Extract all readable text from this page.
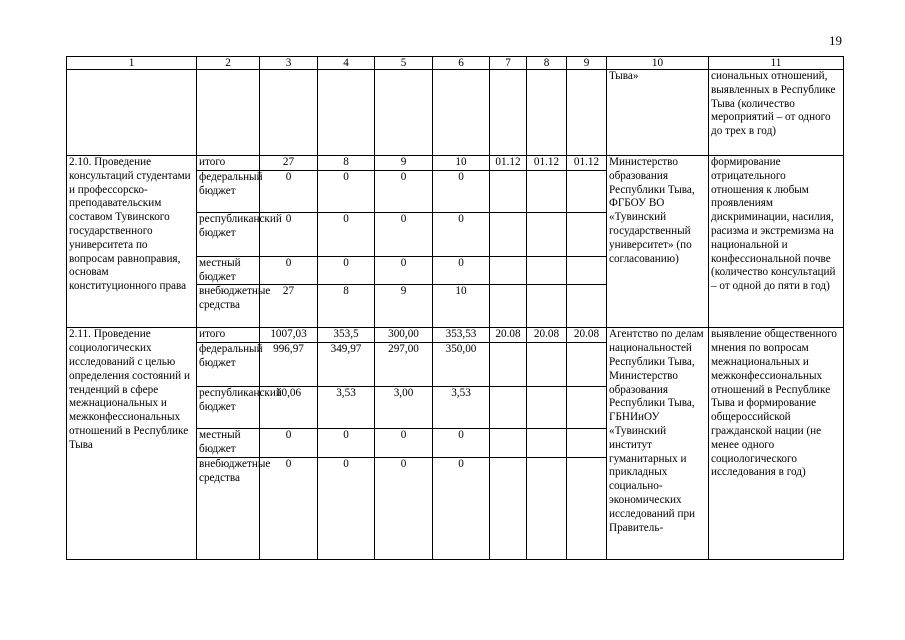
19
1	2	3	4	5	6	7	8	9	10	11
									Тыва»	сиональных отношений, выявленных в Республике Тыва (количество мероприятий – от одного до трех в год)
2.10. Проведение консультаций студентами и профессорско-преподавательским составом Тувинского государственного университета по вопросам равноправия, основам конституционного права	итого	27	8	9	10	01.12	01.12	01.12	Министерство образования Республики Тыва, ФГБОУ ВО «Тувинский государственный университет» (по согласованию)	формирование отрицательного отношения к любым проявлениям дискриминации, насилия, расизма и экстремизма на национальной и конфессиональной почве (количество консультаций – от одной до пяти в год)
	федеральный бюджет	0	0	0	0					
	республиканский бюджет	0	0	0	0					
	местный бюджет	0	0	0	0					
	внебюджетные средства	27	8	9	10					
2.11. Проведение социологических исследований с целью определения состояний и тенденций в сфере межнациональных и межконфессиональных отношений в Республике Тыва	итого	1007,03	353,5	300,00	353,53	20.08	20.08	20.08	Агентство по делам национальностей Республики Тыва, Министерство образования Республики Тыва, ГБНИиОУ «Тувинский институт гуманитарных и прикладных социально-экономических исследований при Правитель-	выявление общественного мнения по вопросам межнациональных и межконфессиональных отношений в Республике Тыва и формирование общероссийской гражданской нации (не менее одного социологического исследования в год)
	федеральный бюджет	996,97	349,97	297,00	350,00					
	республиканский бюджет	10,06	3,53	3,00	3,53					
	местный бюджет	0	0	0	0					
	внебюджетные средства	0	0	0	0					
